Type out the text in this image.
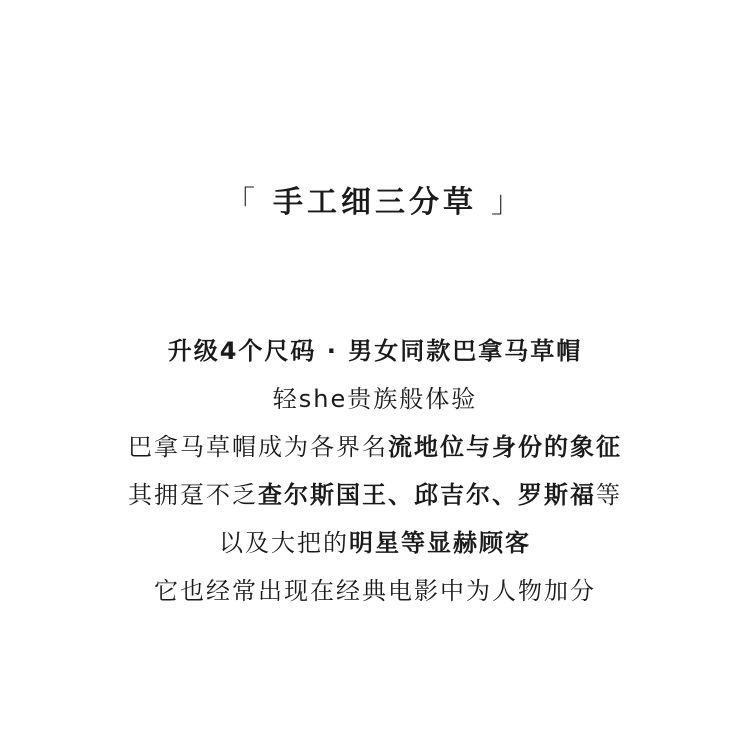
「 手工细三分草 」
升级4个尺码 · 男女同款巴拿马草帽
轻she贵族般体验
巴拿马草帽成为各界名流地位与身份的象征
其拥趸不乏查尔斯国王、邱吉尔、罗斯福等
以及大把的明星等显赫顾客
它也经常出现在经典电影中为人物加分
